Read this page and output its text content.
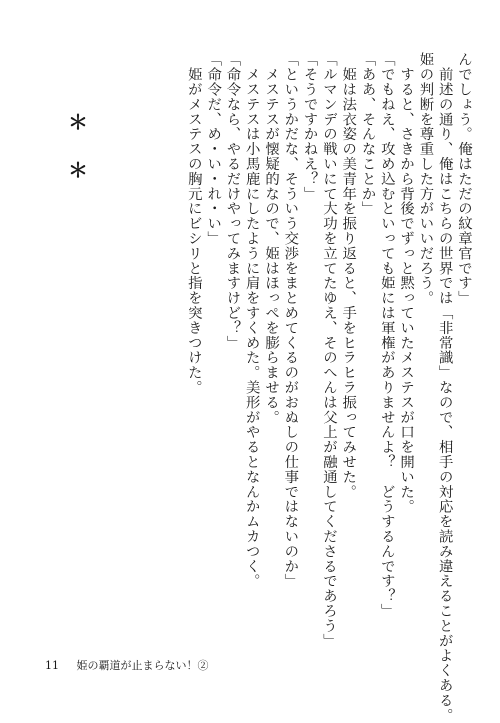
んでしょう。俺はただの紋章官です」
　前述の通り、俺はこちらの世界では「非常識」なので、相手の対応を読み違えることがよくある。
姫の判断を尊重した方がいいだろう。
　すると、さきから背後でずっと黙っていたメステスが口を開いた。
「でもねえ、攻め込むといっても姫には軍権がありませんよ？　どうするんです？」
「ああ、そんなことか」
　姫は法衣姿の美青年を振り返ると、手をヒラヒラ振ってみせた。
「ルマンデの戦いにて大功を立てたゆえ、そのへんは父上が融通してくださるであろう」
「そうですかねえ？」
「というかだな、そういう交渉をまとめてくるのがおぬしの仕事ではないのか」
　メステスが懐疑的なので、姫はほっぺを膨らませる。
　メステスは小馬鹿にしたように肩をすくめた。美形がやるとなんかムカつく。
「命令なら、やるだけやってみますけど？」
「命令だ、め・い・れ・い」
　姫がメステスの胸元にビシリと指を突きつけた。
＊
＊
11 姫の覇道が止まらない！②
